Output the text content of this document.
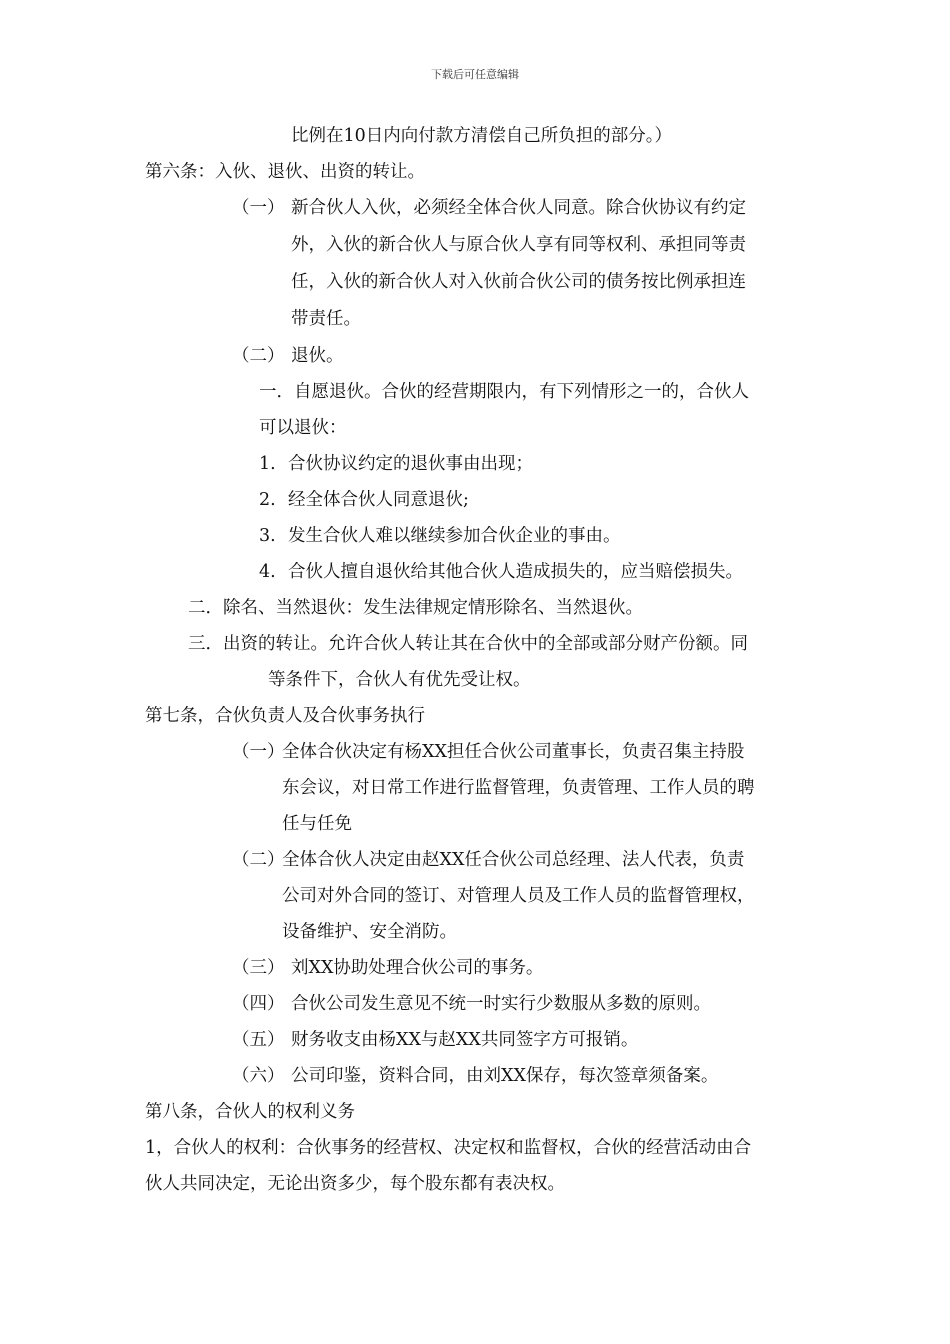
下载后可任意编辑
比例在10日内向付款方清偿自己所负担的部分。）
第六条：入伙、退伙、出资的转让。
（一） 新合伙人入伙，必须经全体合伙人同意。除合伙协议有约定
外，入伙的新合伙人与原合伙人享有同等权利、承担同等责
任，入伙的新合伙人对入伙前合伙公司的债务按比例承担连
带责任。
（二） 退伙。
一．自愿退伙。合伙的经营期限内，有下列情形之一的，合伙人
可以退伙：
1. 合伙协议约定的退伙事由出现；
2. 经全体合伙人同意退伙;
3. 发生合伙人难以继续参加合伙企业的事由。
4. 合伙人擅自退伙给其他合伙人造成损失的，应当赔偿损失。
二．除名、当然退伙：发生法律规定情形除名、当然退伙。
三．出资的转让。允许合伙人转让其在合伙中的全部或部分财产份额。同
等条件下，合伙人有优先受让权。
第七条，合伙负责人及合伙事务执行
（一）
全体合伙决定有杨XX担任合伙公司董事长，负责召集主持股
东会议，对日常工作进行监督管理，负责管理、工作人员的聘
任与任免
（二）
全体合伙人决定由赵XX任合伙公司总经理、法人代表，负责
公司对外合同的签订、对管理人员及工作人员的监督管理权，
设备维护、安全消防。
（三） 刘XX协助处理合伙公司的事务。
（四） 合伙公司发生意见不统一时实行少数服从多数的原则。
（五） 财务收支由杨XX与赵XX共同签字方可报销。
（六） 公司印鉴，资料合同，由刘XX保存，每次签章须备案。
第八条，合伙人的权利义务
1，合伙人的权利：合伙事务的经营权、决定权和监督权，合伙的经营活动由合
伙人共同决定，无论出资多少，每个股东都有表决权。
